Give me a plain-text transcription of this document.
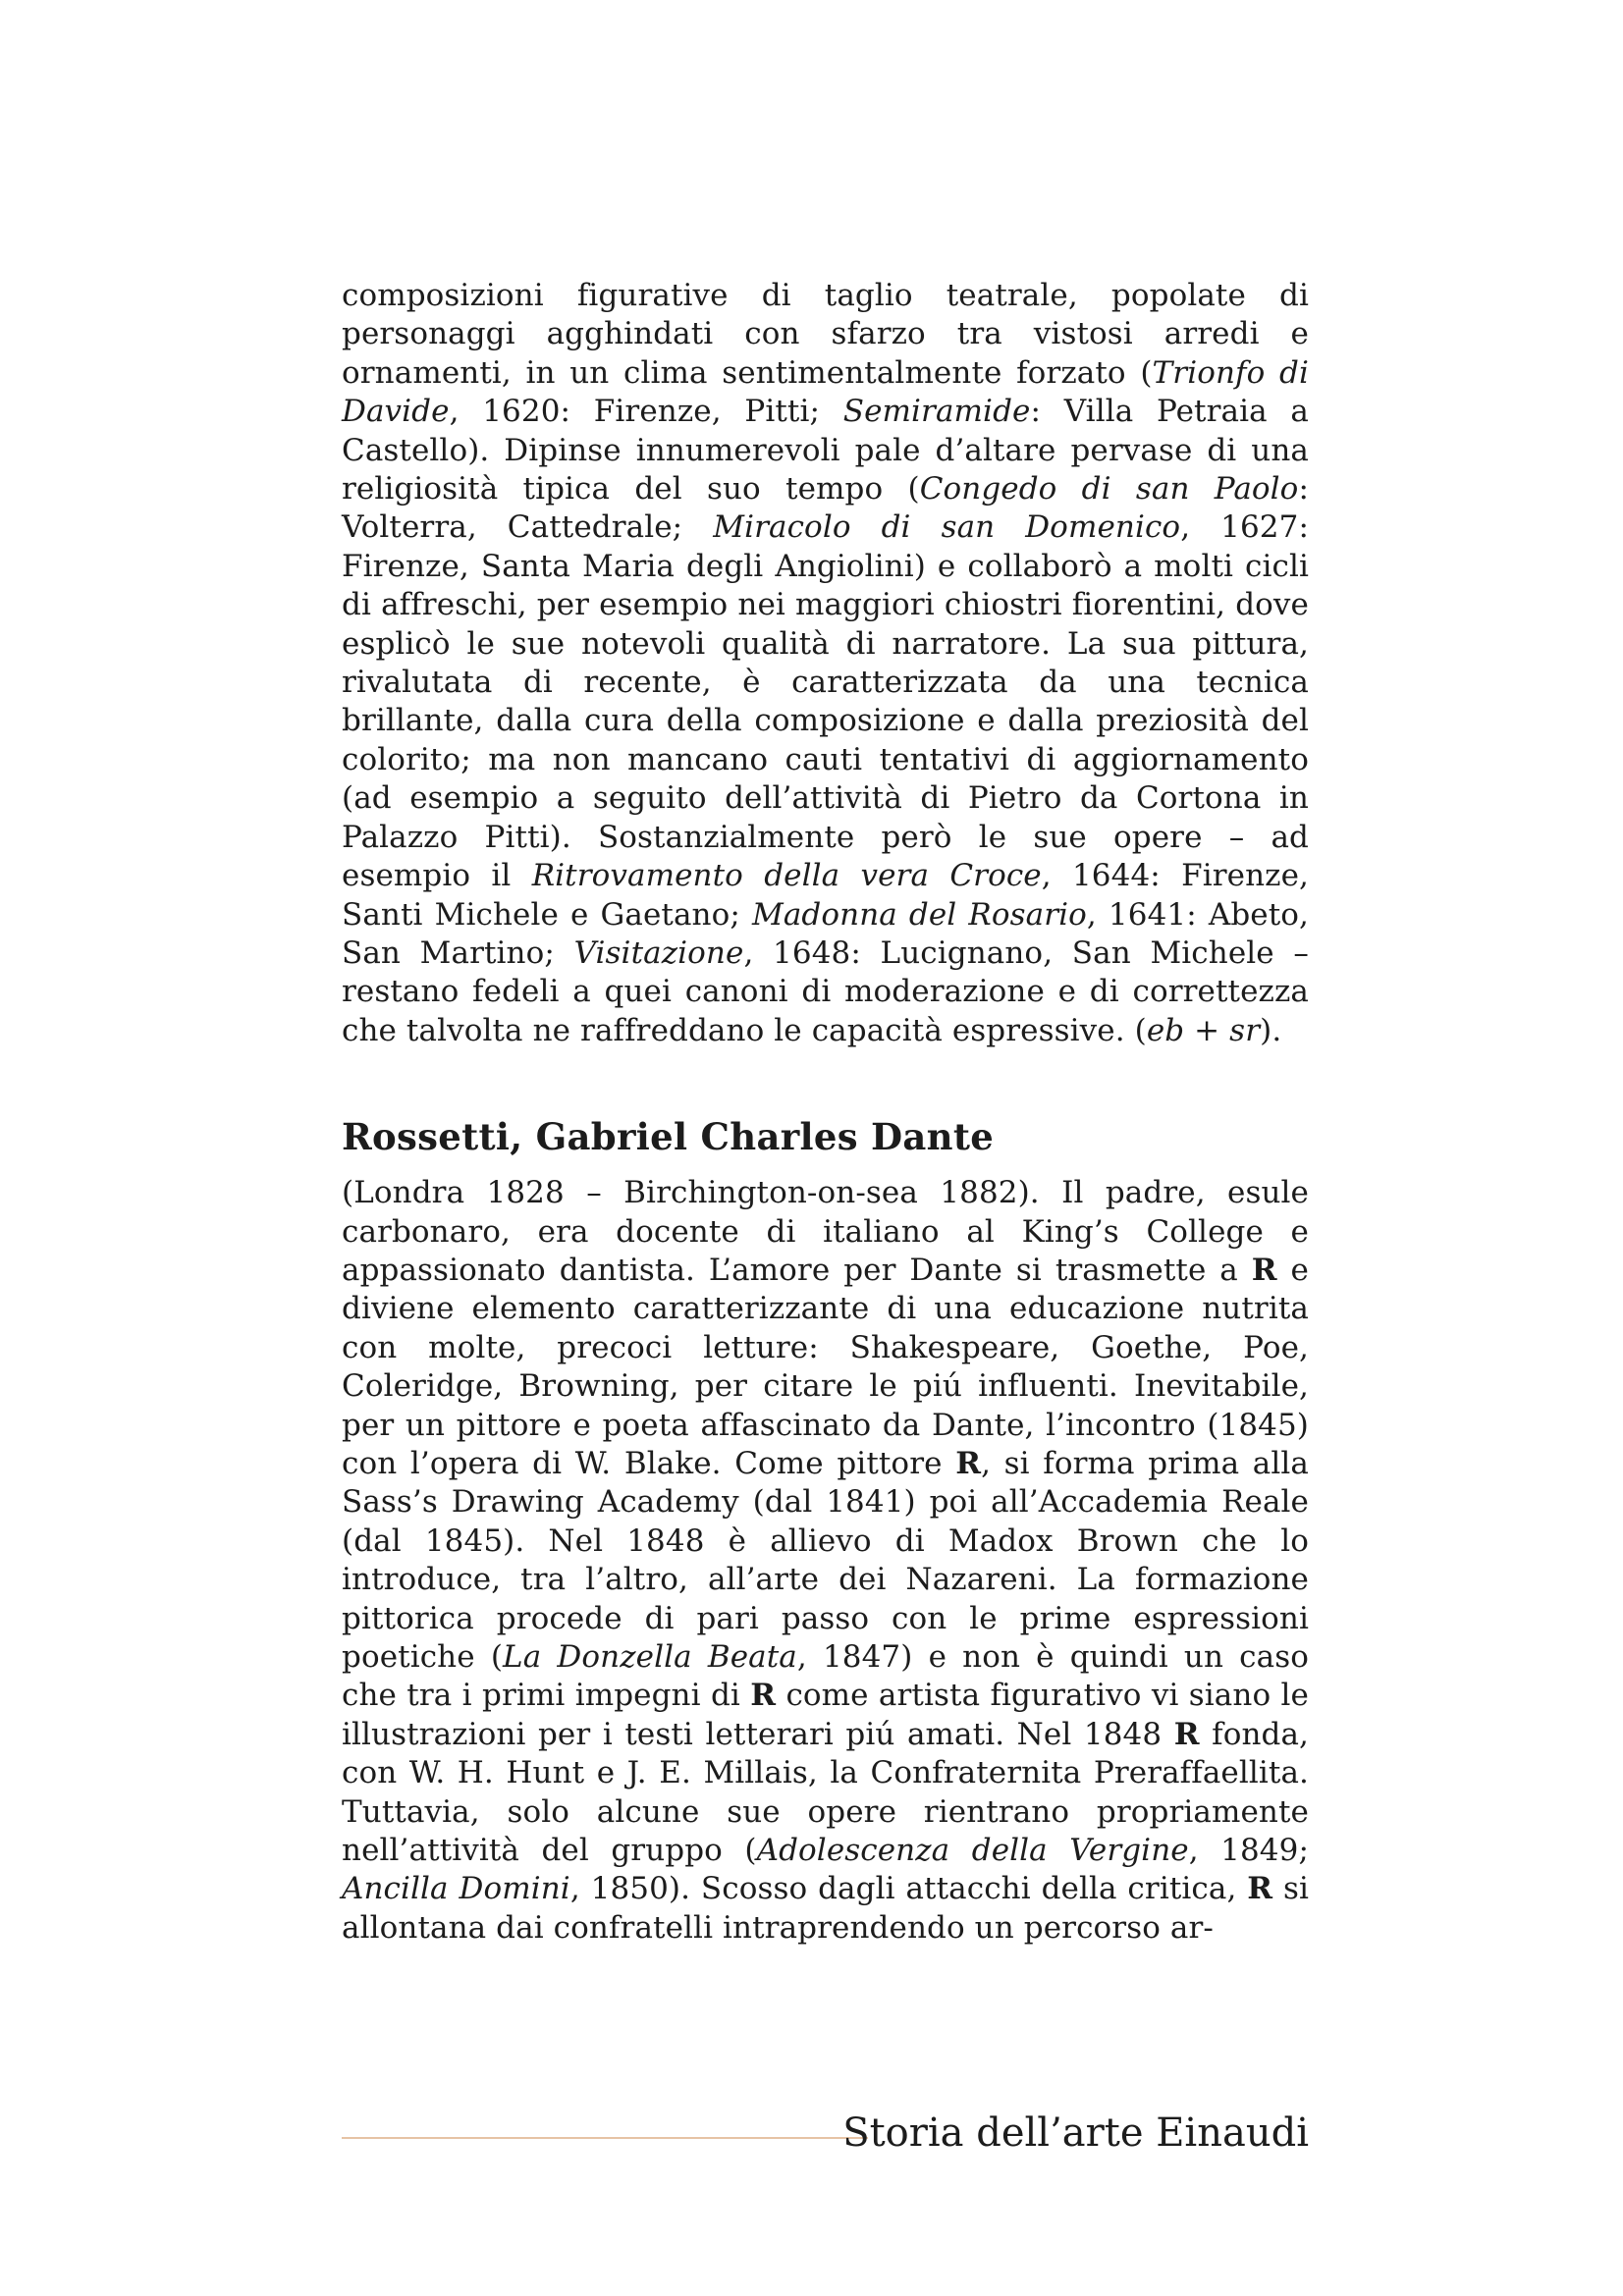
composizioni figurative di taglio teatrale, popolate di personaggi agghindati con sfarzo tra vistosi arredi e ornamenti, in un clima sentimentalmente forzato (Trionfo di Davide, 1620: Firenze, Pitti; Semiramide: Villa Petraia a Castello). Dipinse innumerevoli pale d’altare pervase di una religiosità tipica del suo tempo (Congedo di san Paolo: Volterra, Cattedrale; Miracolo di san Domenico, 1627: Firenze, Santa Maria degli Angiolini) e collaborò a molti cicli di affreschi, per esempio nei maggiori chiostri fiorentini, dove esplicò le sue notevoli qualità di narratore. La sua pittura, rivalutata di recente, è caratterizzata da una tecnica brillante, dalla cura della composizione e dalla preziosità del colorito; ma non mancano cauti tentativi di aggiornamento (ad esempio a seguito dell’attività di Pietro da Cortona in Palazzo Pitti). Sostanzialmente però le sue opere – ad esempio il Ritrovamento della vera Croce, 1644: Firenze, Santi Michele e Gaetano; Madonna del Rosario, 1641: Abeto, San Martino; Visitazione, 1648: Lucignano, San Michele – restano fedeli a quei canoni di moderazione e di correttezza che talvolta ne raffreddano le capacità espressive. (eb + sr).

Rossetti, Gabriel Charles Dante

(Londra 1828 – Birchington-on-sea 1882). Il padre, esule carbonaro, era docente di italiano al King’s College e appassionato dantista. L’amore per Dante si trasmette a R e diviene elemento caratterizzante di una educazione nutrita con molte, precoci letture: Shakespeare, Goethe, Poe, Coleridge, Browning, per citare le piú influenti. Inevitabile, per un pittore e poeta affascinato da Dante, l’incontro (1845) con l’opera di W. Blake. Come pittore R, si forma prima alla Sass’s Drawing Academy (dal 1841) poi all’Accademia Reale (dal 1845). Nel 1848 è allievo di Madox Brown che lo introduce, tra l’altro, all’arte dei Nazareni. La formazione pittorica procede di pari passo con le prime espressioni poetiche (La Donzella Beata, 1847) e non è quindi un caso che tra i primi impegni di R come artista figurativo vi siano le illustrazioni per i testi letterari piú amati. Nel 1848 R fonda, con W. H. Hunt e J. E. Millais, la Confraternita Preraffaellita. Tuttavia, solo alcune sue opere rientrano propriamente nell’attività del gruppo (Adolescenza della Vergine, 1849; Ancilla Domini, 1850). Scosso dagli attacchi della critica, R si allontana dai confratelli intraprendendo un percorso ar-

Storia dell’arte Einaudi
